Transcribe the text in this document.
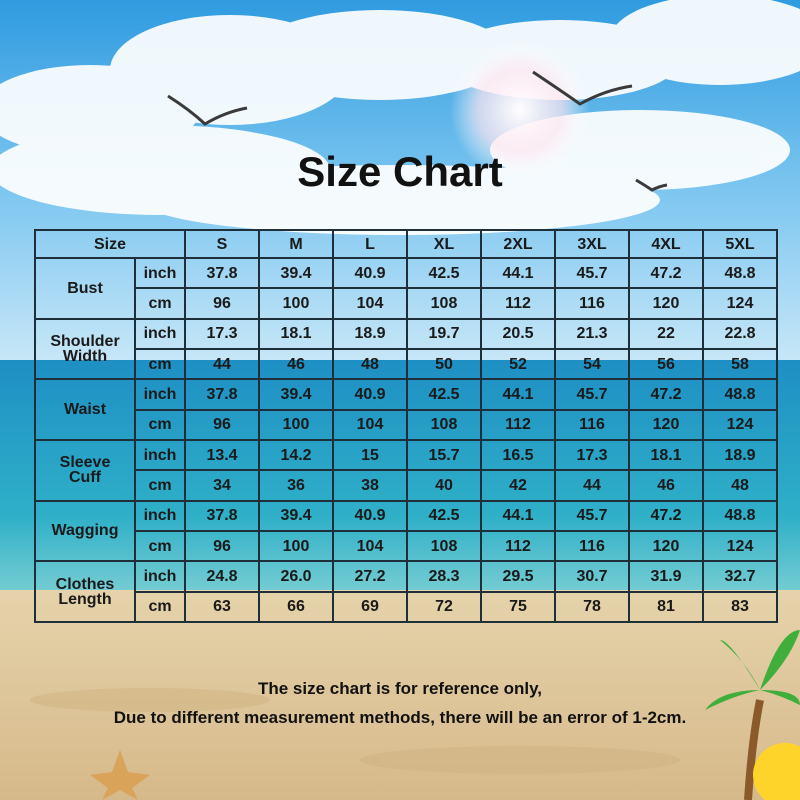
Size Chart
Size		S	M	L	XL	2XL	3XL	4XL	5XL
Bust	inch	37.8	39.4	40.9	42.5	44.1	45.7	47.2	48.8
	cm	96	100	104	108	112	116	120	124
Shoulder Width	inch	17.3	18.1	18.9	19.7	20.5	21.3	22	22.8
	cm	44	46	48	50	52	54	56	58
Waist	inch	37.8	39.4	40.9	42.5	44.1	45.7	47.2	48.8
	cm	96	100	104	108	112	116	120	124
Sleeve Cuff	inch	13.4	14.2	15	15.7	16.5	17.3	18.1	18.9
	cm	34	36	38	40	42	44	46	48
Wagging	inch	37.8	39.4	40.9	42.5	44.1	45.7	47.2	48.8
	cm	96	100	104	108	112	116	120	124
Clothes Length	inch	24.8	26.0	27.2	28.3	29.5	30.7	31.9	32.7
	cm	63	66	69	72	75	78	81	83
The size chart is for reference only,
Due to different measurement methods, there will be an error of 1-2cm.
